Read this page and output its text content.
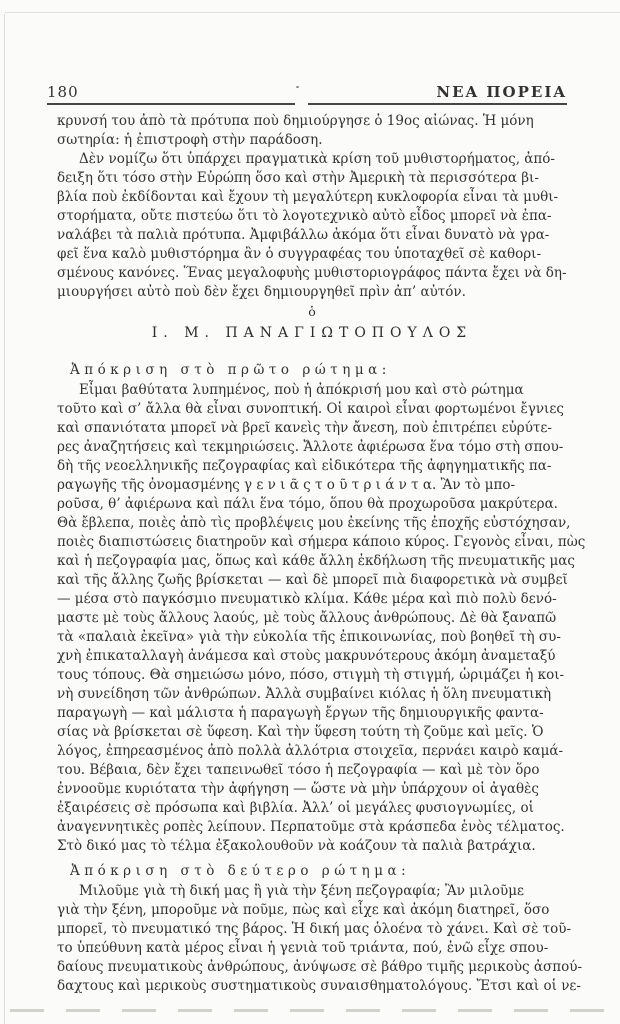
180	ΝΕΑ ΠΟΡΕΙΑ
κρυνσή του ἀπὸ τὰ πρότυπα ποὺ δημιούργησε ὁ 19ος αἰώνας. Ἡ μόνη
σωτηρία: ἡ ἐπιστροφὴ στὴν παράδοση.
Δὲν νομίζω ὅτι ὑπάρχει πραγματικὰ κρίση τοῦ μυθιστορήματος, ἀπό-
δειξη ὅτι τόσο στὴν Εὐρώπη ὅσο καὶ στὴν Ἀμερικὴ τὰ περισσότερα βι-
βλία ποὺ ἐκδίδονται καὶ ἔχουν τὴ μεγαλύτερη κυκλοφορία εἶναι τὰ μυθι-
στορήματα, οὔτε πιστεύω ὅτι τὸ λογοτεχνικὸ αὐτὸ εἶδος μπορεῖ νὰ ἐπα-
ναλάβει τὰ παλιὰ πρότυπα. Ἀμφιβάλλω ἀκόμα ὅτι εἶναι δυνατὸ νὰ γρα-
φεῖ ἕνα καλὸ μυθιστόρημα ἂν ὁ συγγραφέας του ὑποταχθεῖ σὲ καθορι-
σμένους κανόνες. Ἕνας μεγαλοφυὴς μυθιστοριογράφος πάντα ἔχει νὰ δη-
μιουργήσει αὐτὸ ποὺ δὲν ἔχει δημιουργηθεῖ πρὶν ἀπ’ αὐτόν.
ὁ
Ι. Μ. ΠΑΝΑΓΙΩΤΟΠΟΥΛΟΣ
Ἀπόκριση στὸ πρῶτο ρώτημα:
Εἶμαι βαθύτατα λυπημένος, ποὺ ἡ ἀπόκρισή μου καὶ στὸ ρώτημα
τοῦτο καὶ σ’ ἄλλα θὰ εἶναι συνοπτική. Οἱ καιροὶ εἶναι φορτωμένοι ἔγνιες
καὶ σπανιότατα μπορεῖ νὰ βρεῖ κανεὶς τὴν ἄνεση, ποὺ ἐπιτρέπει εὐρύτε-
ρες ἀναζητήσεις καὶ τεκμηριώσεις. Ἄλλοτε ἀφιέρωσα ἕνα τόμο στὴ σπου-
δὴ τῆς νεοελληνικῆς πεζογραφίας καὶ εἰδικότερα τῆς ἀφηγηματικῆς πα-
ραγωγῆς τῆς ὀνομασμένης γ ε ν ι ᾶ ς τ ο ῦ τ ρ ι ά ν τ α. Ἂν τὸ μπο-
ροῦσα, θ’ ἀφιέρωνα καὶ πάλι ἕνα τόμο, ὅπου θὰ προχωροῦσα μακρύτερα.
Θὰ ἔβλεπα, ποιὲς ἀπὸ τὶς προβλέψεις μου ἐκείνης τῆς ἐποχῆς εὐστόχησαν,
ποιὲς διαπιστώσεις διατηροῦν καὶ σήμερα κάποιο κύρος. Γεγονὸς εἶναι, πὼς
καὶ ἡ πεζογραφία μας, ὅπως καὶ κάθε ἄλλη ἐκδήλωση τῆς πνευματικῆς μας
καὶ τῆς ἄλλης ζωῆς βρίσκεται — καὶ δὲ μπορεῖ πιὰ διαφορετικὰ νὰ συμβεῖ
— μέσα στὸ παγκόσμιο πνευματικὸ κλίμα. Κάθε μέρα καὶ πιὸ πολὺ δενό-
μαστε μὲ τοὺς ἄλλους λαούς, μὲ τοὺς ἄλλους ἀνθρώπους. Δὲ θὰ ξαναπῶ
τὰ «παλαιὰ ἐκεῖνα» γιὰ τὴν εὐκολία τῆς ἐπικοινωνίας, ποὺ βοηθεῖ τὴ συ-
χνὴ ἐπικαταλλαγὴ ἀνάμεσα καὶ στοὺς μακρυνότερους ἀκόμη ἀναμεταξύ
τους τόπους. Θὰ σημειώσω μόνο, πόσο, στιγμὴ τὴ στιγμή, ὡριμάζει ἡ κοι-
νὴ συνείδηση τῶν ἀνθρώπων. Ἀλλὰ συμβαίνει κιόλας ἡ ὅλη πνευματικὴ
παραγωγὴ — καὶ μάλιστα ἡ παραγωγὴ ἔργων τῆς δημιουργικῆς φαντα-
σίας νὰ βρίσκεται σὲ ὕφεση. Καὶ τὴν ὕφεση τούτη τὴ ζοῦμε καὶ μεῖς. Ὁ
λόγος, ἐπηρεασμένος ἀπὸ πολλὰ ἀλλότρια στοιχεῖα, περνάει καιρὸ καμά-
του. Βέβαια, δὲν ἔχει ταπεινωθεῖ τόσο ἡ πεζογραφία — καὶ μὲ τὸν ὅρο
ἐννοοῦμε κυριότατα τὴν ἀφήγηση — ὥστε νὰ μὴν ὑπάρχουν οἱ ἀγαθὲς
ἐξαιρέσεις σὲ πρόσωπα καὶ βιβλία. Ἀλλ’ οἱ μεγάλες φυσιογνωμίες, οἱ
ἀναγεννητικὲς ροπὲς λείπουν. Περπατοῦμε στὰ κράσπεδα ἑνὸς τέλματος.
Στὸ δικό μας τὸ τέλμα ἐξακολουθοῦν νὰ κοάζουν τὰ παλιὰ βατράχια.
Ἀπόκριση στὸ δεύτερο ρώτημα:
Μιλοῦμε γιὰ τὴ δική μας ἢ γιὰ τὴν ξένη πεζογραφία; Ἂν μιλοῦμε
γιὰ τὴν ξένη, μποροῦμε νὰ ποῦμε, πὼς καὶ εἶχε καὶ ἀκόμη διατηρεῖ, ὅσο
μπορεῖ, τὸ πνευματικό της βάρος. Ἡ δική μας ὁλοένα τὸ χάνει. Καὶ σὲ τοῦ-
το ὑπεύθυνη κατὰ μέρος εἶναι ἡ γενιὰ τοῦ τριάντα, πού, ἐνῶ εἶχε σπου-
δαίους πνευματικοὺς ἀνθρώπους, ἀνύψωσε σὲ βάθρο τιμῆς μερικοὺς ἀσπού-
δαχτους καὶ μερικοὺς συστηματικοὺς συναισθηματολόγους. Ἔτσι καὶ οἱ νε-
